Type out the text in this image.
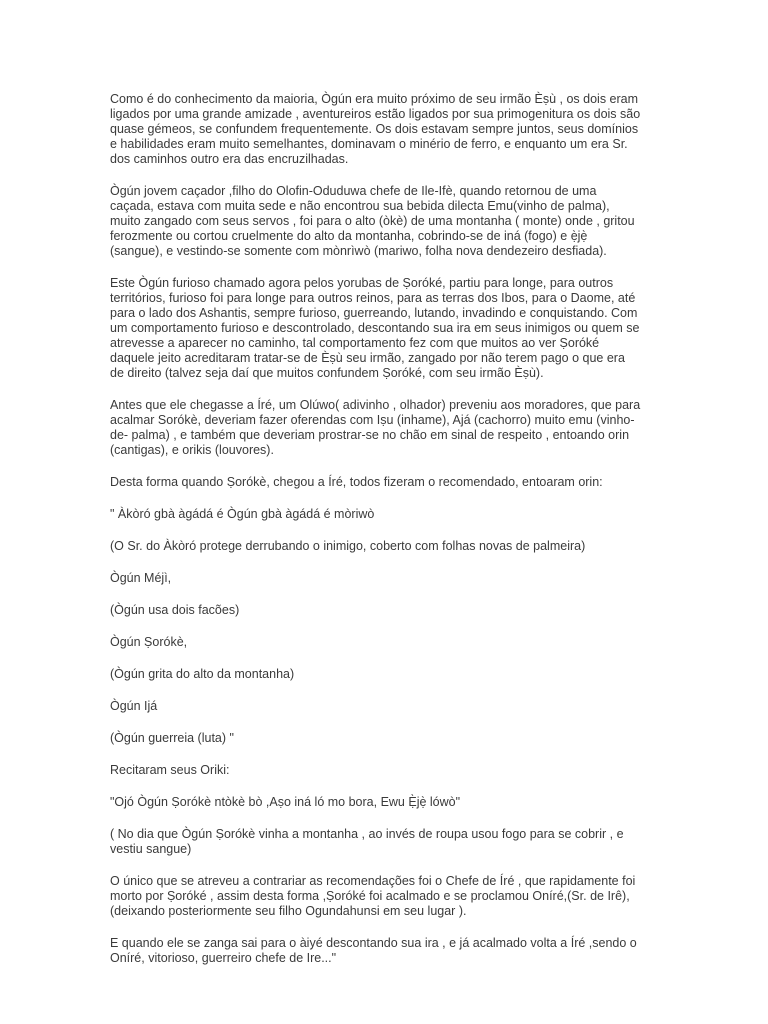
Como é do conhecimento da maioria, Ògún era muito próximo de seu irmão Èṣù , os dois eram
ligados por uma grande amizade , aventureiros estão ligados por sua primogenitura os dois são
quase gémeos, se confundem frequentemente. Os dois estavam sempre juntos, seus domínios
e habilidades eram muito semelhantes, dominavam o minério de ferro, e enquanto um era Sr.
dos caminhos outro era das encruzilhadas.
Ògún jovem caçador ,filho do Olofin-Oduduwa chefe de Ile-Ifè, quando retornou de uma
caçada, estava com muita sede e não encontrou sua bebida dilecta Emu(vinho de palma),
muito zangado com seus servos , foi para o alto (òkè) de uma montanha ( monte) onde , gritou
ferozmente ou cortou cruelmente do alto da montanha, cobrindo-se de iná (fogo) e ẹ̀jẹ̀
(sangue), e vestindo-se somente com mònrìwò (mariwo, folha nova dendezeiro desfiada).
Este Ògún furioso chamado agora pelos yorubas de Ṣoróké, partiu para longe, para outros
territórios, furioso foi para longe para outros reinos, para as terras dos Ibos, para o Daome, até
para o lado dos Ashantis, sempre furioso, guerreando, lutando, invadindo e conquistando. Com
um comportamento furioso e descontrolado, descontando sua ira em seus inimigos ou quem se
atrevesse a aparecer no caminho, tal comportamento fez com que muitos ao ver Ṣoróké
daquele jeito acreditaram tratar-se de Èṣù seu irmão, zangado por não terem pago o que era
de direito (talvez seja daí que muitos confundem Ṣoróké, com seu irmão Èṣù).
Antes que ele chegasse a Íré, um Olúwo( adivinho , olhador) preveniu aos moradores, que para
acalmar Sorókè, deveriam fazer oferendas com Iṣu (inhame), Ajá (cachorro) muito emu (vinho-
de- palma) , e também que deveriam prostrar-se no chão em sinal de respeito , entoando orin
(cantigas), e orikis (louvores).
Desta forma quando Ṣorókè, chegou a Íré, todos fizeram o recomendado, entoaram orin:
" Àkòró gbà àgádá é Ògún gbà àgádá é mòriwò
(O Sr. do Àkòró protege derrubando o inimigo, coberto com folhas novas de palmeira)
Ògún Méjì,
(Ògún usa dois facões)
Ògún Ṣorókè,
(Ògún grita do alto da montanha)
Ògún Ijá
(Ògún guerreia (luta) "
Recitaram seus Oriki:
"Ojó Ògún Ṣorókè ntòkè bò ,Aṣo iná ló mo bora, Ewu Ẹ̀jẹ̀ lówò"
( No dia que Ògún Ṣorókè vinha a montanha , ao invés de roupa usou fogo para se cobrir , e
vestiu sangue)
O único que se atreveu a contrariar as recomendações foi o Chefe de Íré , que rapidamente foi
morto por Ṣoróké , assim desta forma ,Ṣoróké foi acalmado e se proclamou Oníré,(Sr. de Irê),
(deixando posteriormente seu filho Ogundahunsi em seu lugar ).
E quando ele se zanga sai para o àiyé descontando sua ira , e já acalmado volta a Íré ,sendo o
Oníré, vitorioso, guerreiro chefe de Ire..."
